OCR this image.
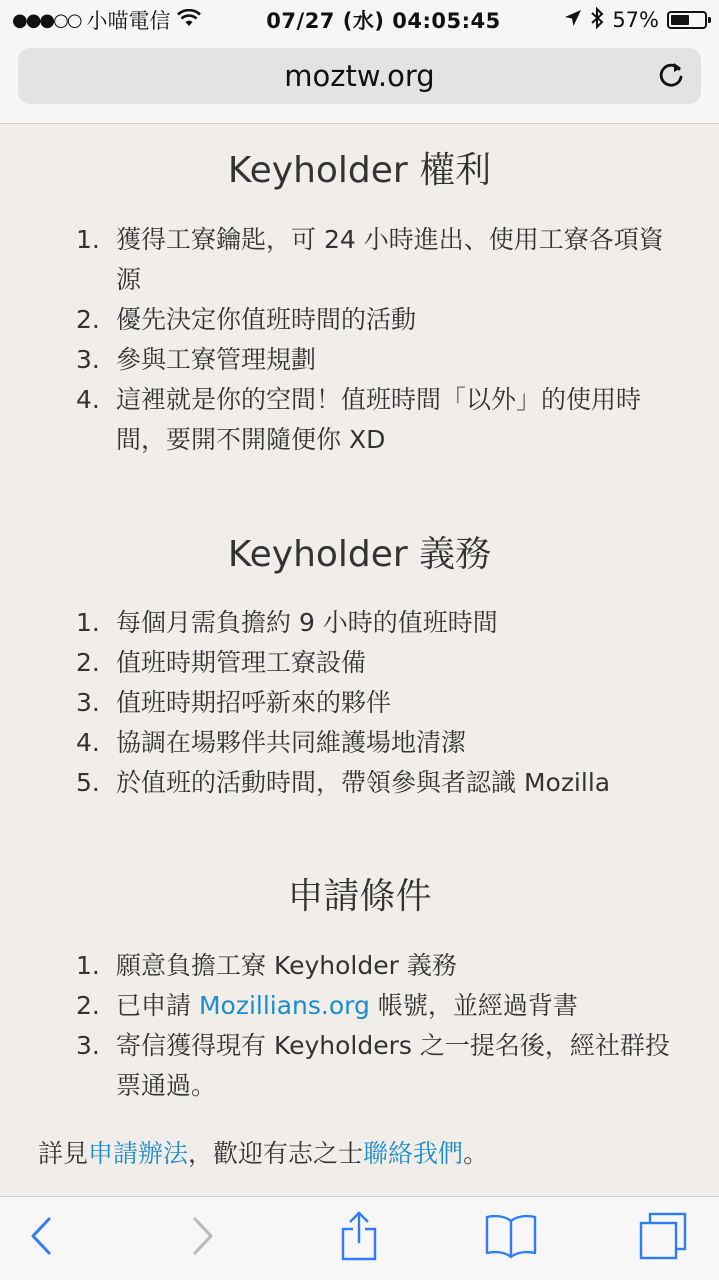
●●●○○ 小喵電信	07/27 (水) 04:05:45	57%
moztw.org
Keyholder 權利
1. 獲得工寮鑰匙，可 24 小時進出、使用工寮各項資源
2. 優先決定你值班時間的活動
3. 參與工寮管理規劃
4. 這裡就是你的空間！值班時間「以外」的使用時間，要開不開隨便你 XD
Keyholder 義務
1. 每個月需負擔約 9 小時的值班時間
2. 值班時期管理工寮設備
3. 值班時期招呼新來的夥伴
4. 協調在場夥伴共同維護場地清潔
5. 於值班的活動時間，帶領參與者認識 Mozilla
申請條件
1. 願意負擔工寮 Keyholder 義務
2. 已申請 Mozillians.org 帳號，並經過背書
3. 寄信獲得現有 Keyholders 之一提名後，經社群投票通過。
詳見申請辦法，歡迎有志之士聯絡我們。
